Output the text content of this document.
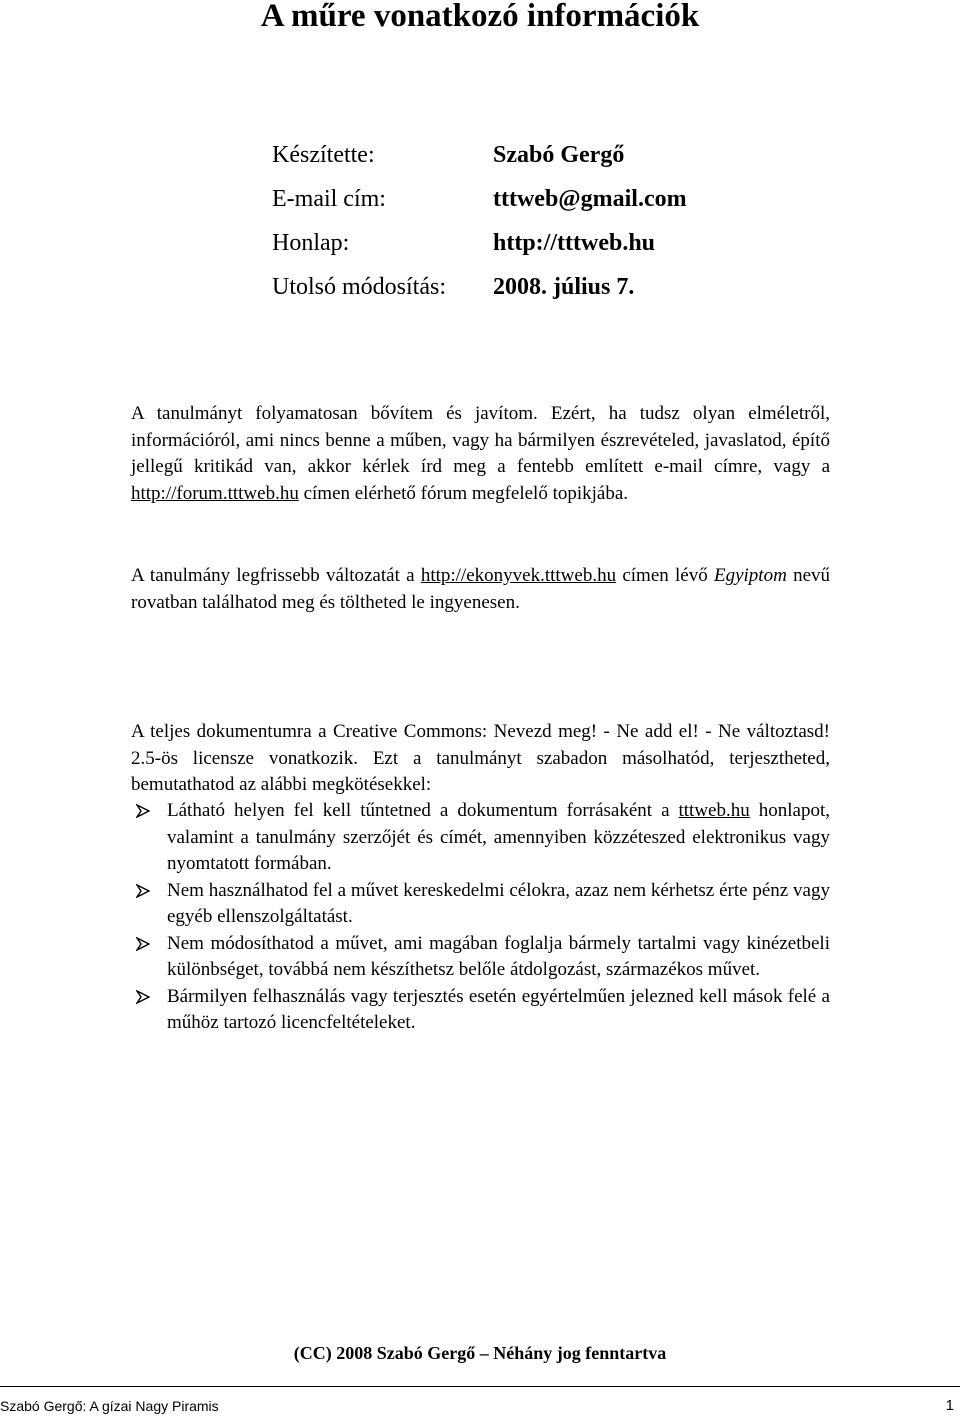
A műre vonatkozó információk
Készítette:	Szabó Gergő
E-mail cím:	tttweb@gmail.com
Honlap:	http://tttweb.hu
Utolsó módosítás:	2008. július 7.

A tanulmányt folyamatosan bővítem és javítom. Ezért, ha tudsz olyan elméletről, információról, ami nincs benne a műben, vagy ha bármilyen észrevételed, javaslatod, építő jellegű kritikád van, akkor kérlek írd meg a fentebb említett e-mail címre, vagy a http://forum.tttweb.hu címen elérhető fórum megfelelő topikjába.

A tanulmány legfrissebb változatát a http://ekonyvek.tttweb.hu címen lévő Egyiptom nevű rovatban találhatod meg és töltheted le ingyenesen.

A teljes dokumentumra a Creative Commons: Nevezd meg! - Ne add el! - Ne változtasd! 2.5-ös licensze vonatkozik. Ezt a tanulmányt szabadon másolhatód, terjesztheted, bemutathatod az alábbi megkötésekkel:

Látható helyen fel kell tűntetned a dokumentum forrásaként a tttweb.hu honlapot, valamint a tanulmány szerzőjét és címét, amennyiben közzéteszed elektronikus vagy nyomtatott formában.
Nem használhatod fel a művet kereskedelmi célokra, azaz nem kérhetsz érte pénz vagy egyéb ellenszolgáltatást.
Nem módosíthatod a művet, ami magában foglalja bármely tartalmi vagy kinézetbeli különbséget, továbbá nem készíthetsz belőle átdolgozást, származékos művet.
Bármilyen felhasználás vagy terjesztés esetén egyértelműen jelezned kell mások felé a műhöz tartozó licencfeltételeket.
(CC) 2008 Szabó Gergő – Néhány jog fenntartva
Szabó Gergő: A gízai Nagy Piramis	1
